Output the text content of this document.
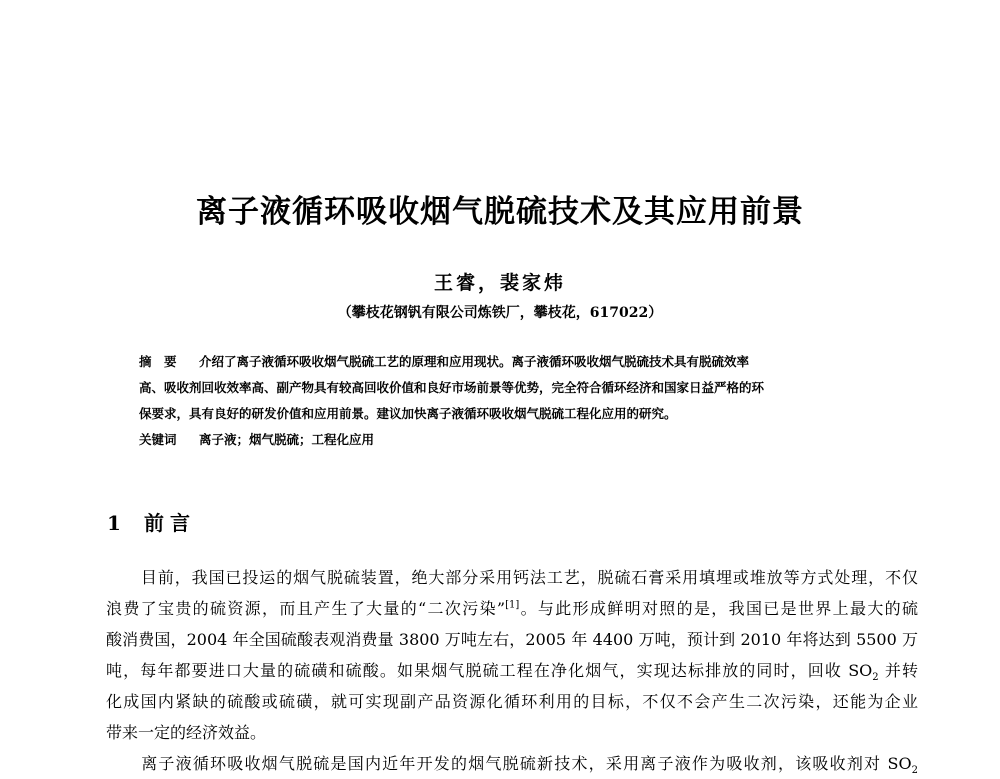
离子液循环吸收烟气脱硫技术及其应用前景
王睿，裴家炜
（攀枝花钢钒有限公司炼铁厂，攀枝花，617022）
摘　要 介绍了离子液循环吸收烟气脱硫工艺的原理和应用现状。离子液循环吸收烟气脱硫技术具有脱硫效率
高、吸收剂回收效率高、副产物具有较高回收价值和良好市场前景等优势，完全符合循环经济和国家日益严格的环
保要求，具有良好的研发价值和应用前景。建议加快离子液循环吸收烟气脱硫工程化应用的研究。
关键词 离子液；烟气脱硫；工程化应用
1 前言
目前，我国已投运的烟气脱硫装置，绝大部分采用钙法工艺，脱硫石膏采用填埋或堆放等方式处理，不仅
浪费了宝贵的硫资源，而且产生了大量的“二次污染”[1]。与此形成鲜明对照的是，我国已是世界上最大的硫
酸消费国，2004 年全国硫酸表观消费量 3800 万吨左右，2005 年 4400 万吨，预计到 2010 年将达到 5500 万
吨，每年都要进口大量的硫磺和硫酸。如果烟气脱硫工程在净化烟气，实现达标排放的同时，回收 $SO_2$ 并转
化成国内紧缺的硫酸或硫磺，就可实现副产品资源化循环利用的目标，不仅不会产生二次污染，还能为企业
带来一定的经济效益。
离子液循环吸收烟气脱硫是国内近年开发的烟气脱硫新技术，采用离子液作为吸收剂，该吸收剂对 $SO_2$
